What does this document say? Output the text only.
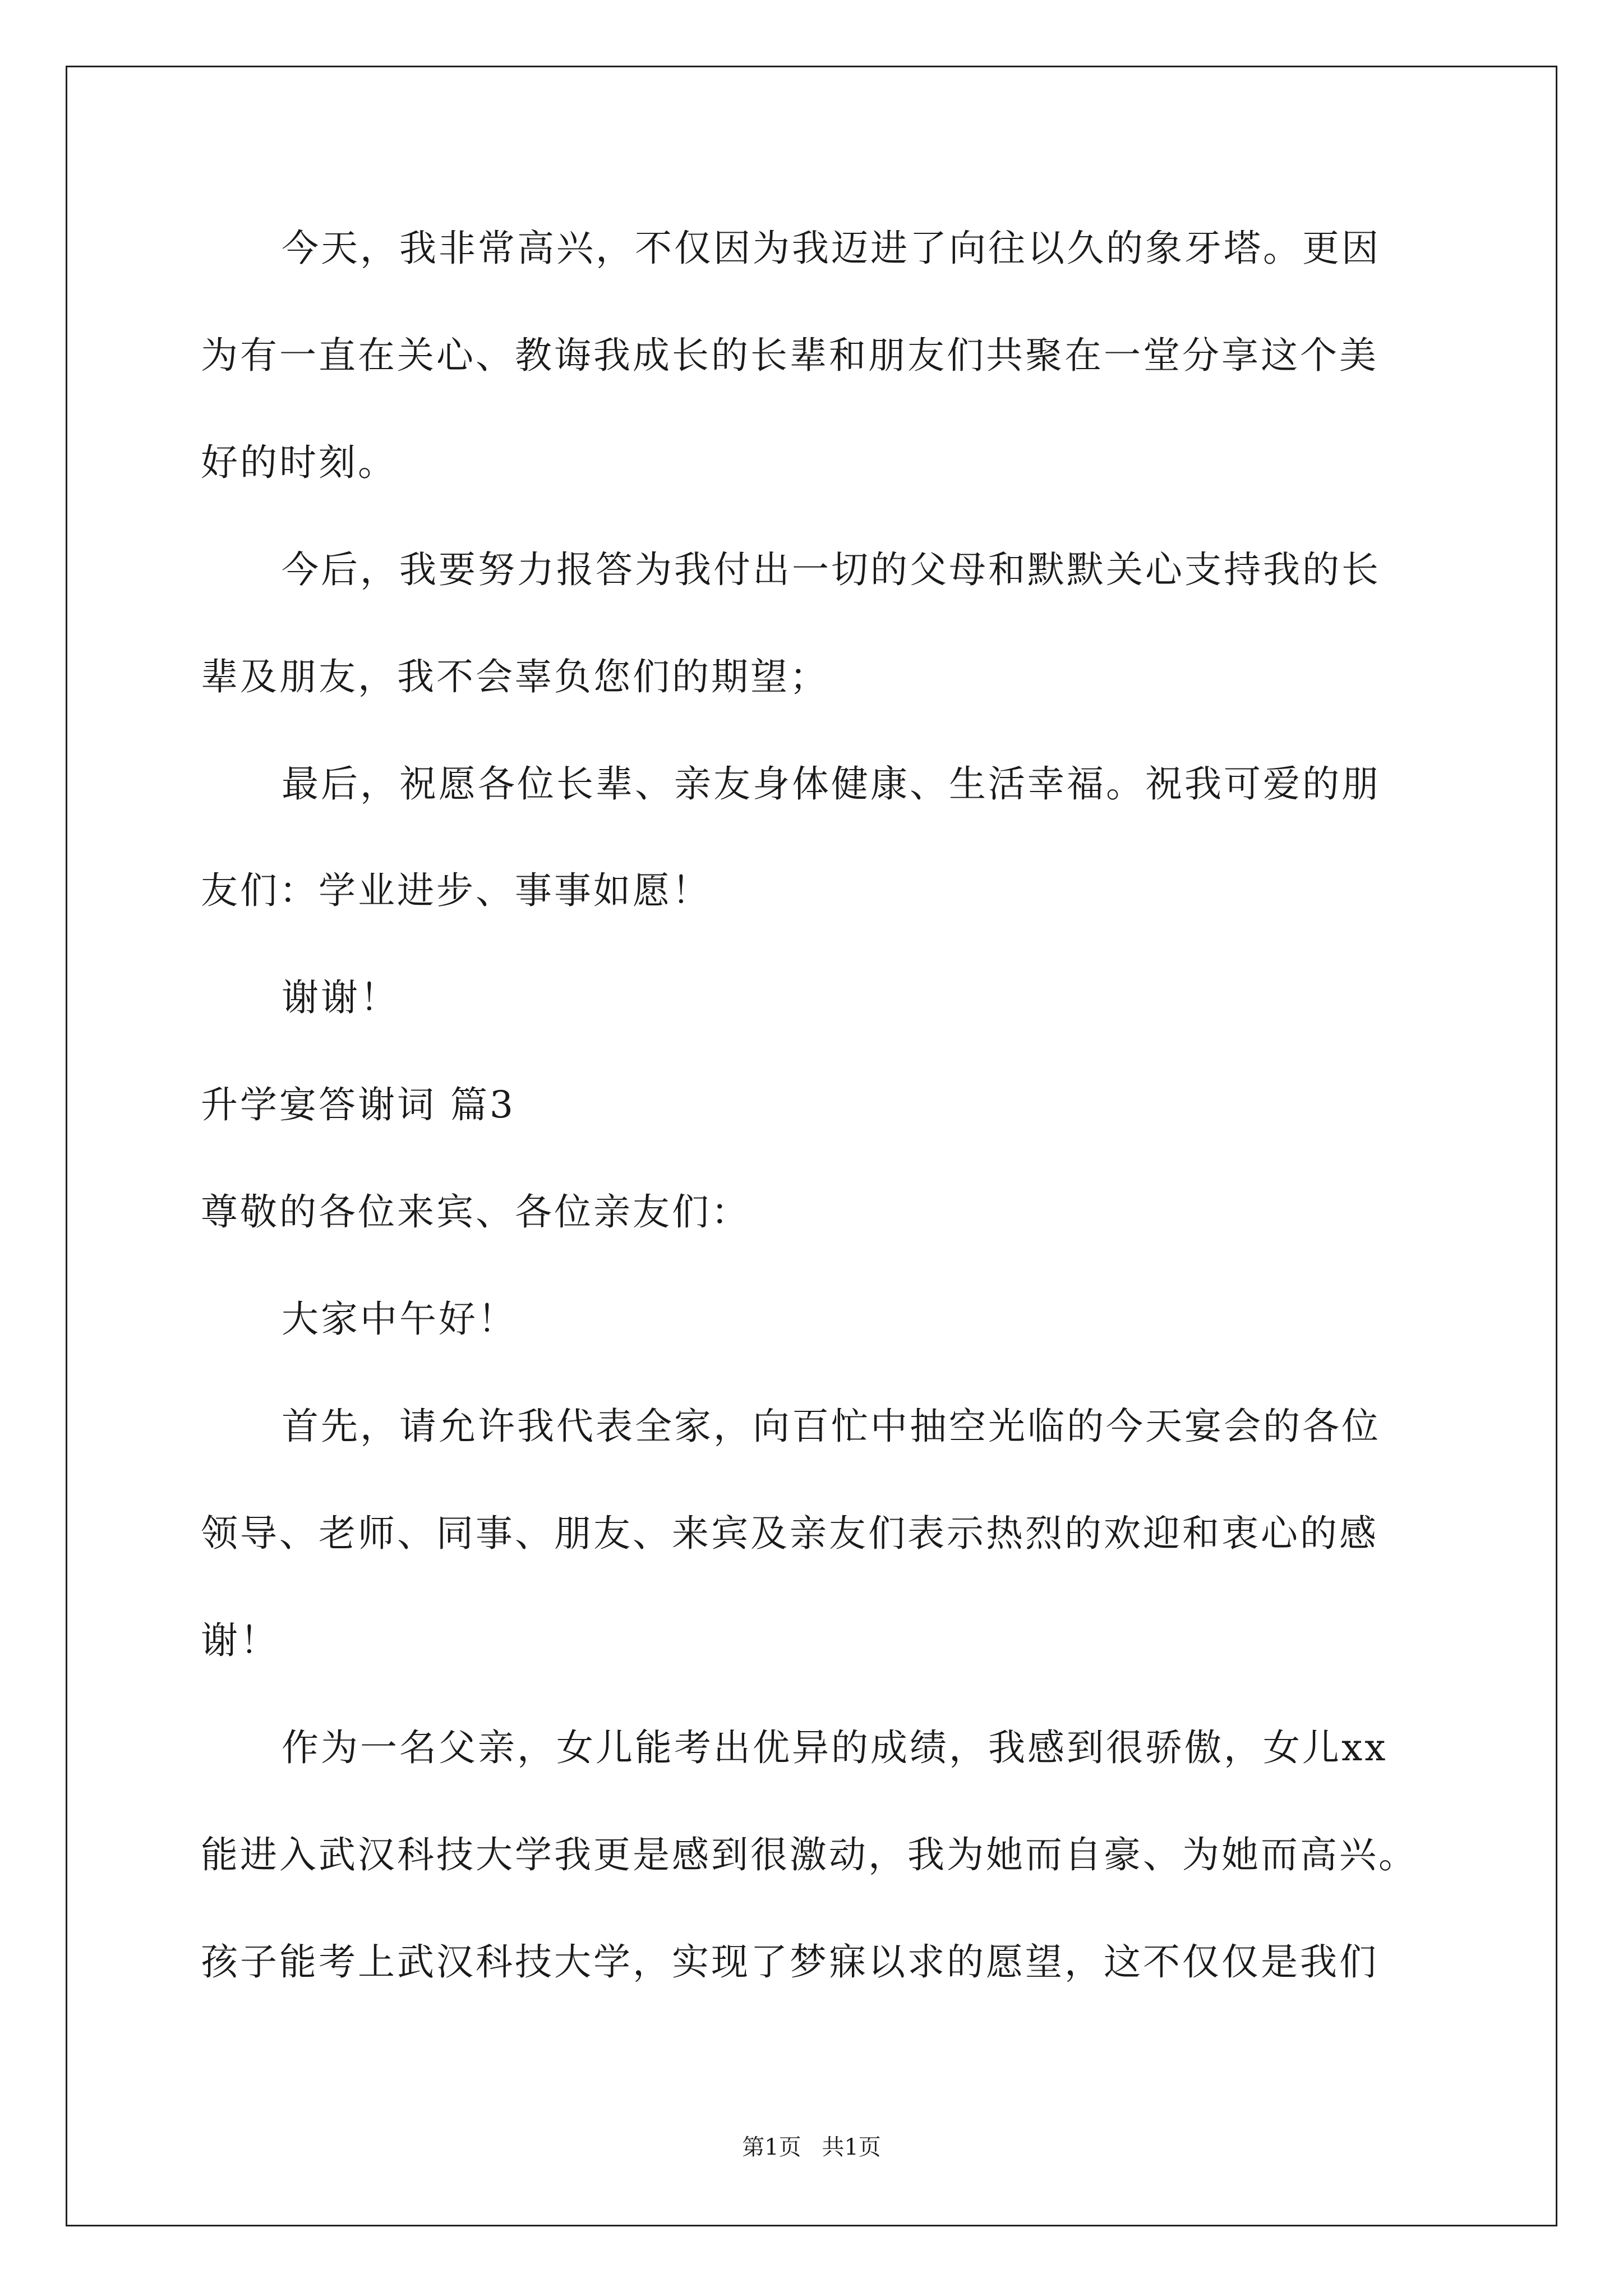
今天，我非常高兴，不仅因为我迈进了向往以久的象牙塔。更因
为有一直在关心、教诲我成长的长辈和朋友们共聚在一堂分享这个美
好的时刻。
今后，我要努力报答为我付出一切的父母和默默关心支持我的长
辈及朋友，我不会辜负您们的期望；
最后，祝愿各位长辈、亲友身体健康、生活幸福。祝我可爱的朋
友们：学业进步、事事如愿！
谢谢！
升学宴答谢词 篇3
尊敬的各位来宾、各位亲友们：
大家中午好！
首先，请允许我代表全家，向百忙中抽空光临的今天宴会的各位
领导、老师、同事、朋友、来宾及亲友们表示热烈的欢迎和衷心的感
谢！
作为一名父亲，女儿能考出优异的成绩，我感到很骄傲，女儿xx
能进入武汉科技大学我更是感到很激动，我为她而自豪、为她而高兴。
孩子能考上武汉科技大学，实现了梦寐以求的愿望，这不仅仅是我们
第1页 共1页
